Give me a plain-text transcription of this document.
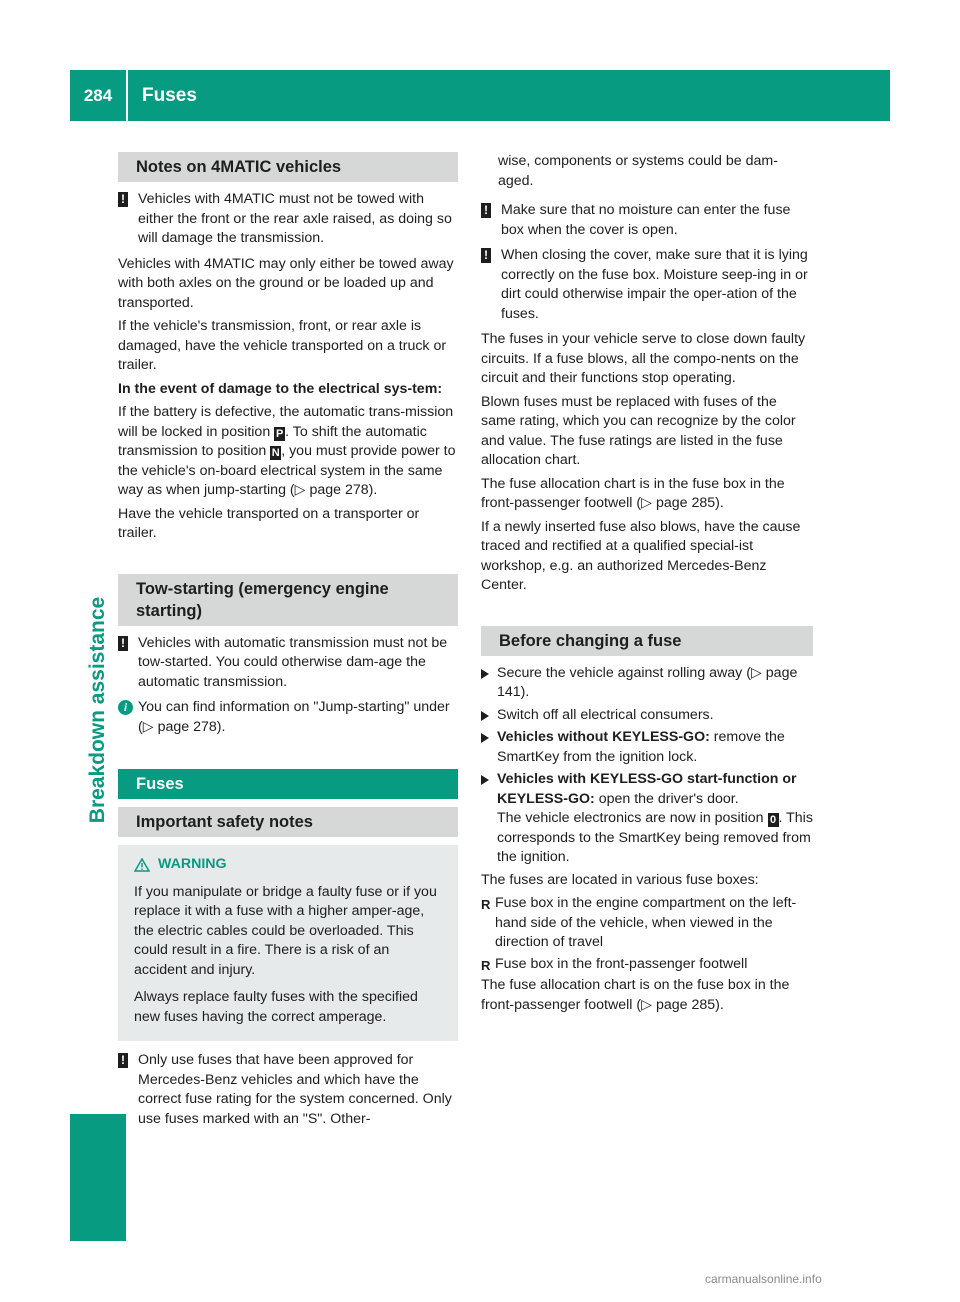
284	Fuses
Breakdown assistance
Notes on 4MATIC vehicles
! Vehicles with 4MATIC must not be towed with either the front or the rear axle raised, as doing so will damage the transmission.

Vehicles with 4MATIC may only either be towed away with both axles on the ground or be loaded up and transported.

If the vehicle's transmission, front, or rear axle is damaged, have the vehicle transported on a truck or trailer.

In the event of damage to the electrical sys-tem:

If the battery is defective, the automatic trans-mission will be locked in position P . To shift the automatic transmission to position N , you must provide power to the vehicle's on-board electrical system in the same way as when jump-starting (▷ page 278).

Have the vehicle transported on a transporter or trailer.

Tow-starting (emergency engine starting)
! Vehicles with automatic transmission must not be tow-started. You could otherwise dam-age the automatic transmission.
i You can find information on "Jump-starting" under (▷ page 278).
Fuses
Important safety notes
WARNING

If you manipulate or bridge a faulty fuse or if you replace it with a fuse with a higher amper-age, the electric cables could be overloaded. This could result in a fire. There is a risk of an accident and injury.

Always replace faulty fuses with the specified new fuses having the correct amperage.

! Only use fuses that have been approved for Mercedes-Benz vehicles and which have the correct fuse rating for the system concerned. Only use fuses marked with an "S". Other-

wise, components or systems could be dam-aged.

! Make sure that no moisture can enter the fuse box when the cover is open.
! When closing the cover, make sure that it is lying correctly on the fuse box. Moisture seep-ing in or dirt could otherwise impair the oper-ation of the fuses.

The fuses in your vehicle serve to close down faulty circuits. If a fuse blows, all the compo-nents on the circuit and their functions stop operating.

Blown fuses must be replaced with fuses of the same rating, which you can recognize by the color and value. The fuse ratings are listed in the fuse allocation chart.

The fuse allocation chart is in the fuse box in the front-passenger footwell (▷ page 285).

If a newly inserted fuse also blows, have the cause traced and rectified at a qualified special-ist workshop, e.g. an authorized Mercedes-Benz Center.

Before changing a fuse
Secure the vehicle against rolling away (▷ page 141).
Switch off all electrical consumers.
Vehicles without KEYLESS-GO: remove the SmartKey from the ignition lock.
Vehicles with KEYLESS-GO start-function or KEYLESS-GO: open the driver's door.
The vehicle electronics are now in position 0 . This corresponds to the SmartKey being removed from the ignition.

The fuses are located in various fuse boxes:

R Fuse box in the engine compartment on the left-hand side of the vehicle, when viewed in the direction of travel
R Fuse box in the front-passenger footwell

The fuse allocation chart is on the fuse box in the front-passenger footwell (▷ page 285).

carmanualsonline.info
